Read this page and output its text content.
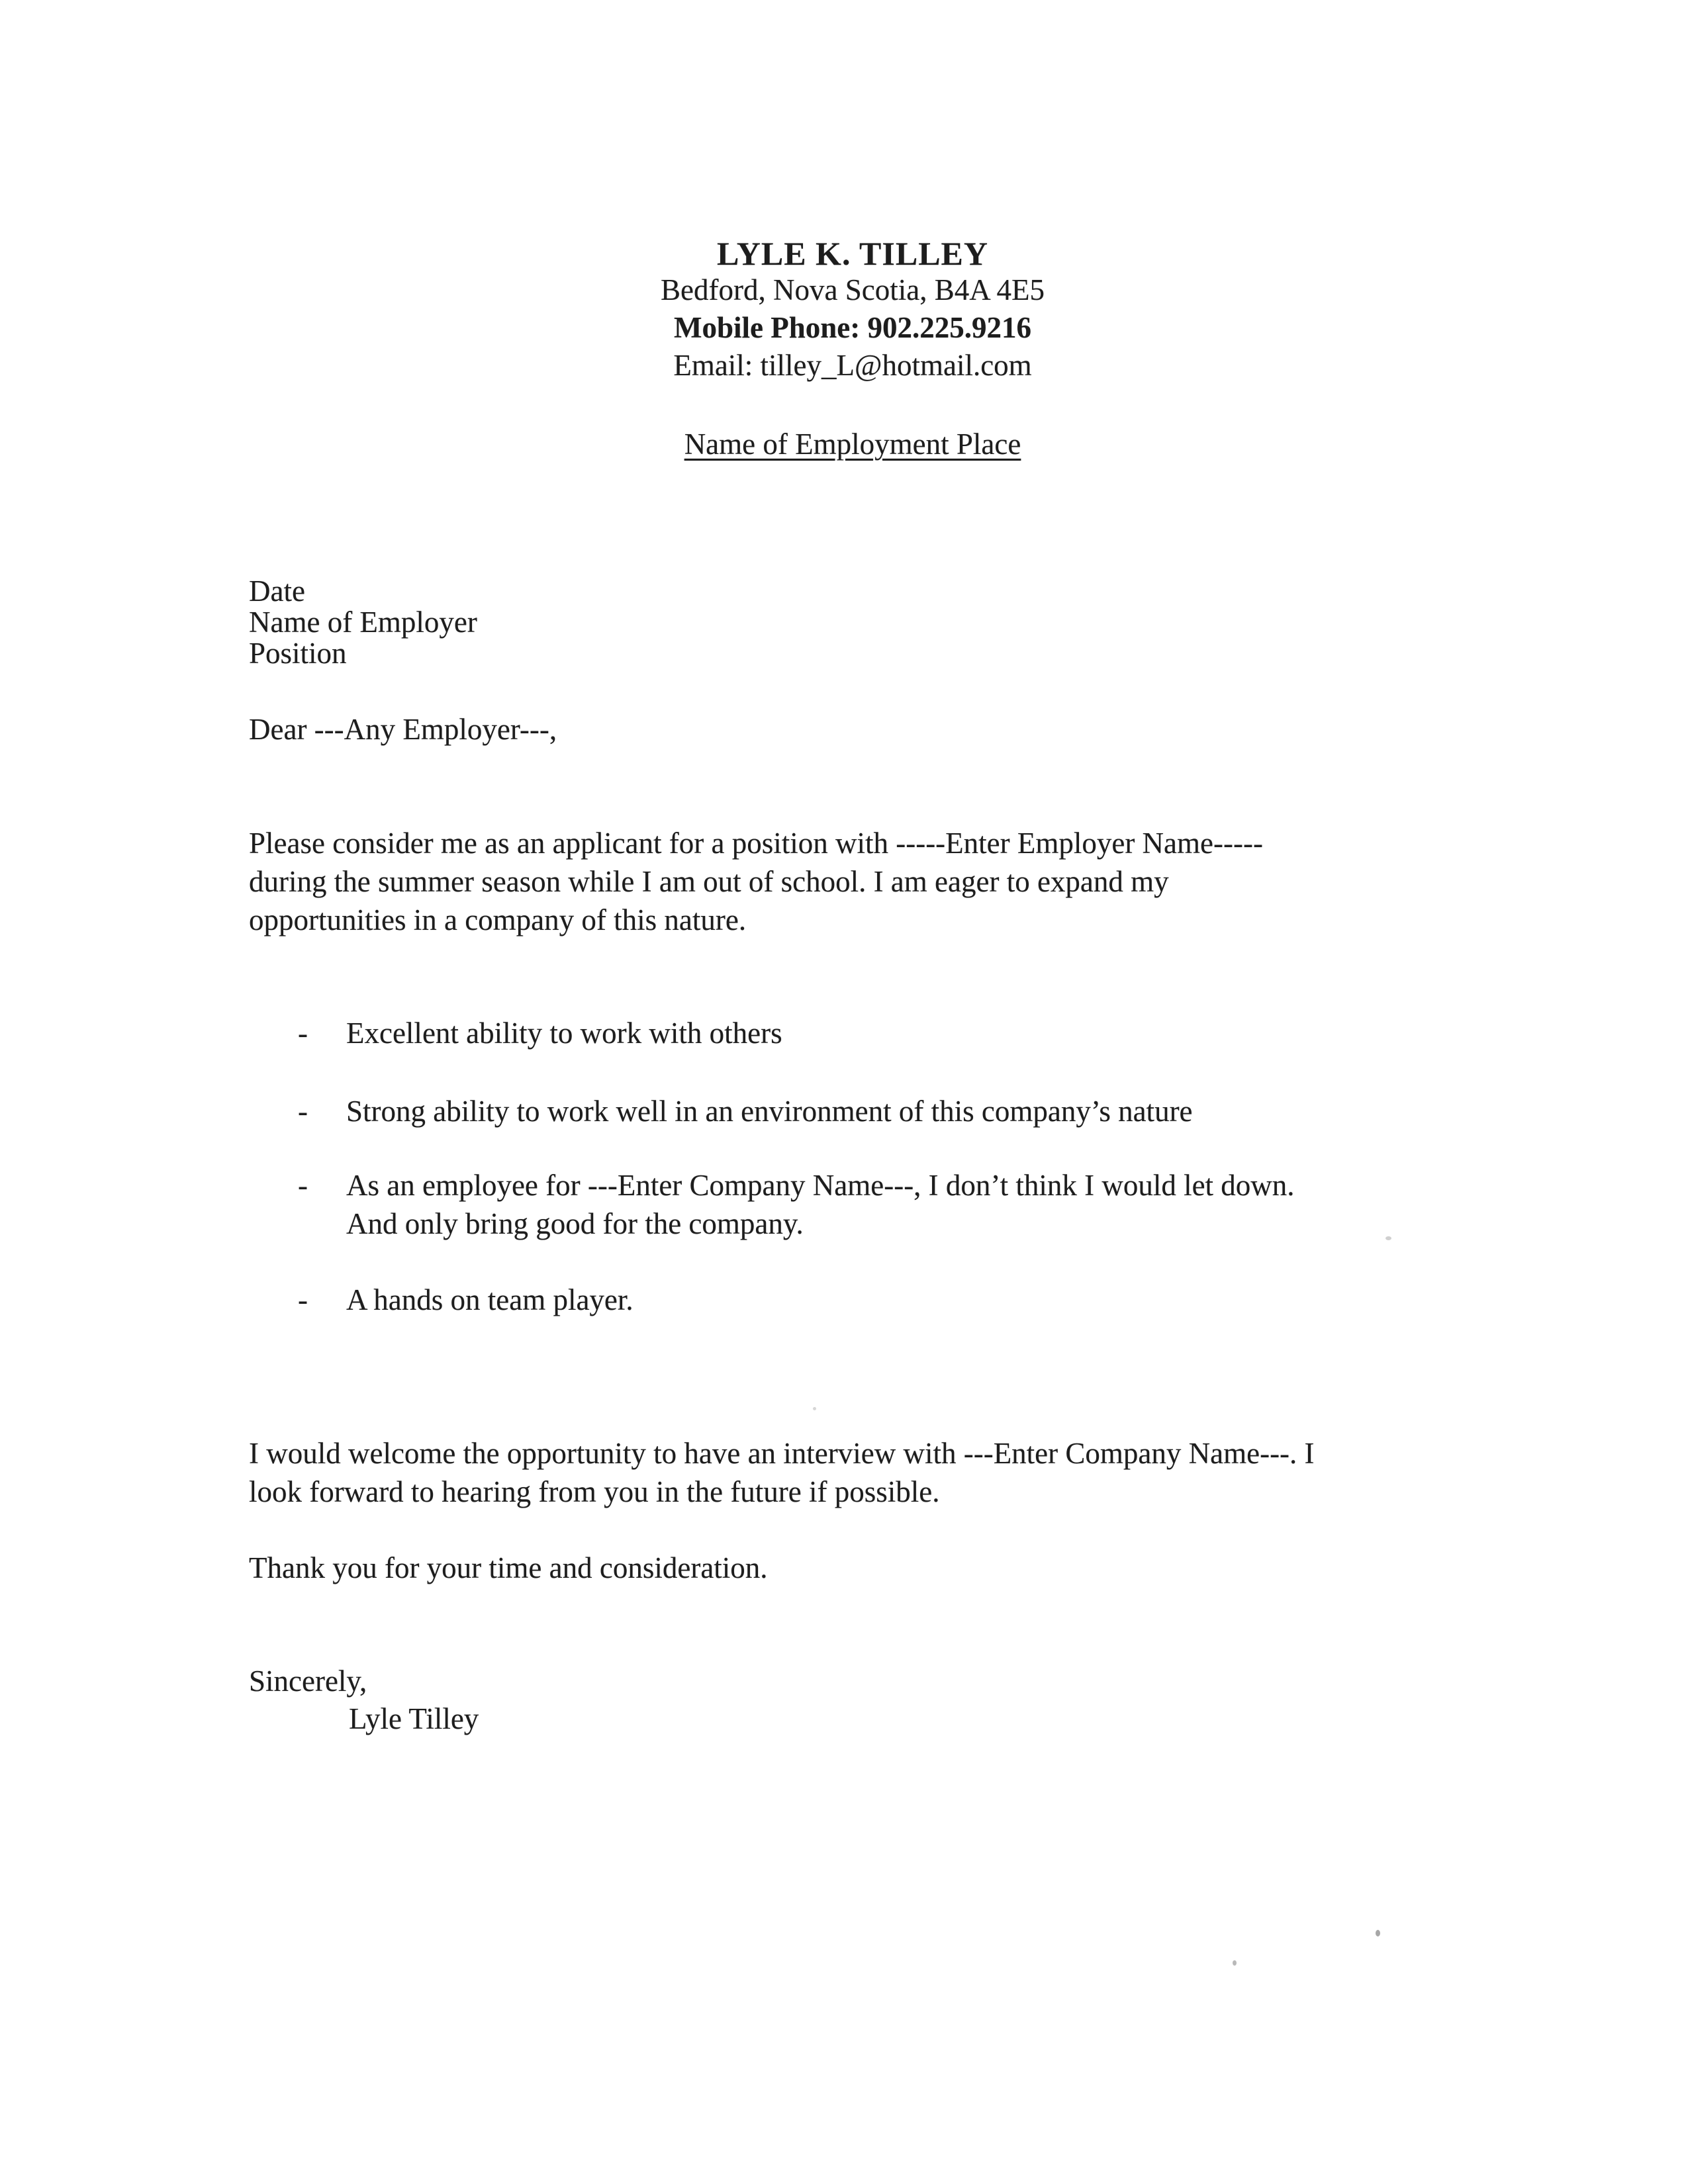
LYLE K. TILLEY
Bedford, Nova Scotia, B4A 4E5
Mobile Phone: 902.225.9216
Email: tilley_L@hotmail.com
Name of Employment Place
Date
Name of Employer
Position
Dear ---Any Employer---,
Please consider me as an applicant for a position with -----Enter Employer Name-----
during the summer season while I am out of school. I am eager to expand my
opportunities in a company of this nature.
-	Excellent ability to work with others
-	Strong ability to work well in an environment of this company’s nature
-	As an employee for ---Enter Company Name---, I don’t think I would let down.
And only bring good for the company.
-	A hands on team player.
I would welcome the opportunity to have an interview with ---Enter Company Name---. I
look forward to hearing from you in the future if possible.
Thank you for your time and consideration.
Sincerely,
Lyle Tilley
